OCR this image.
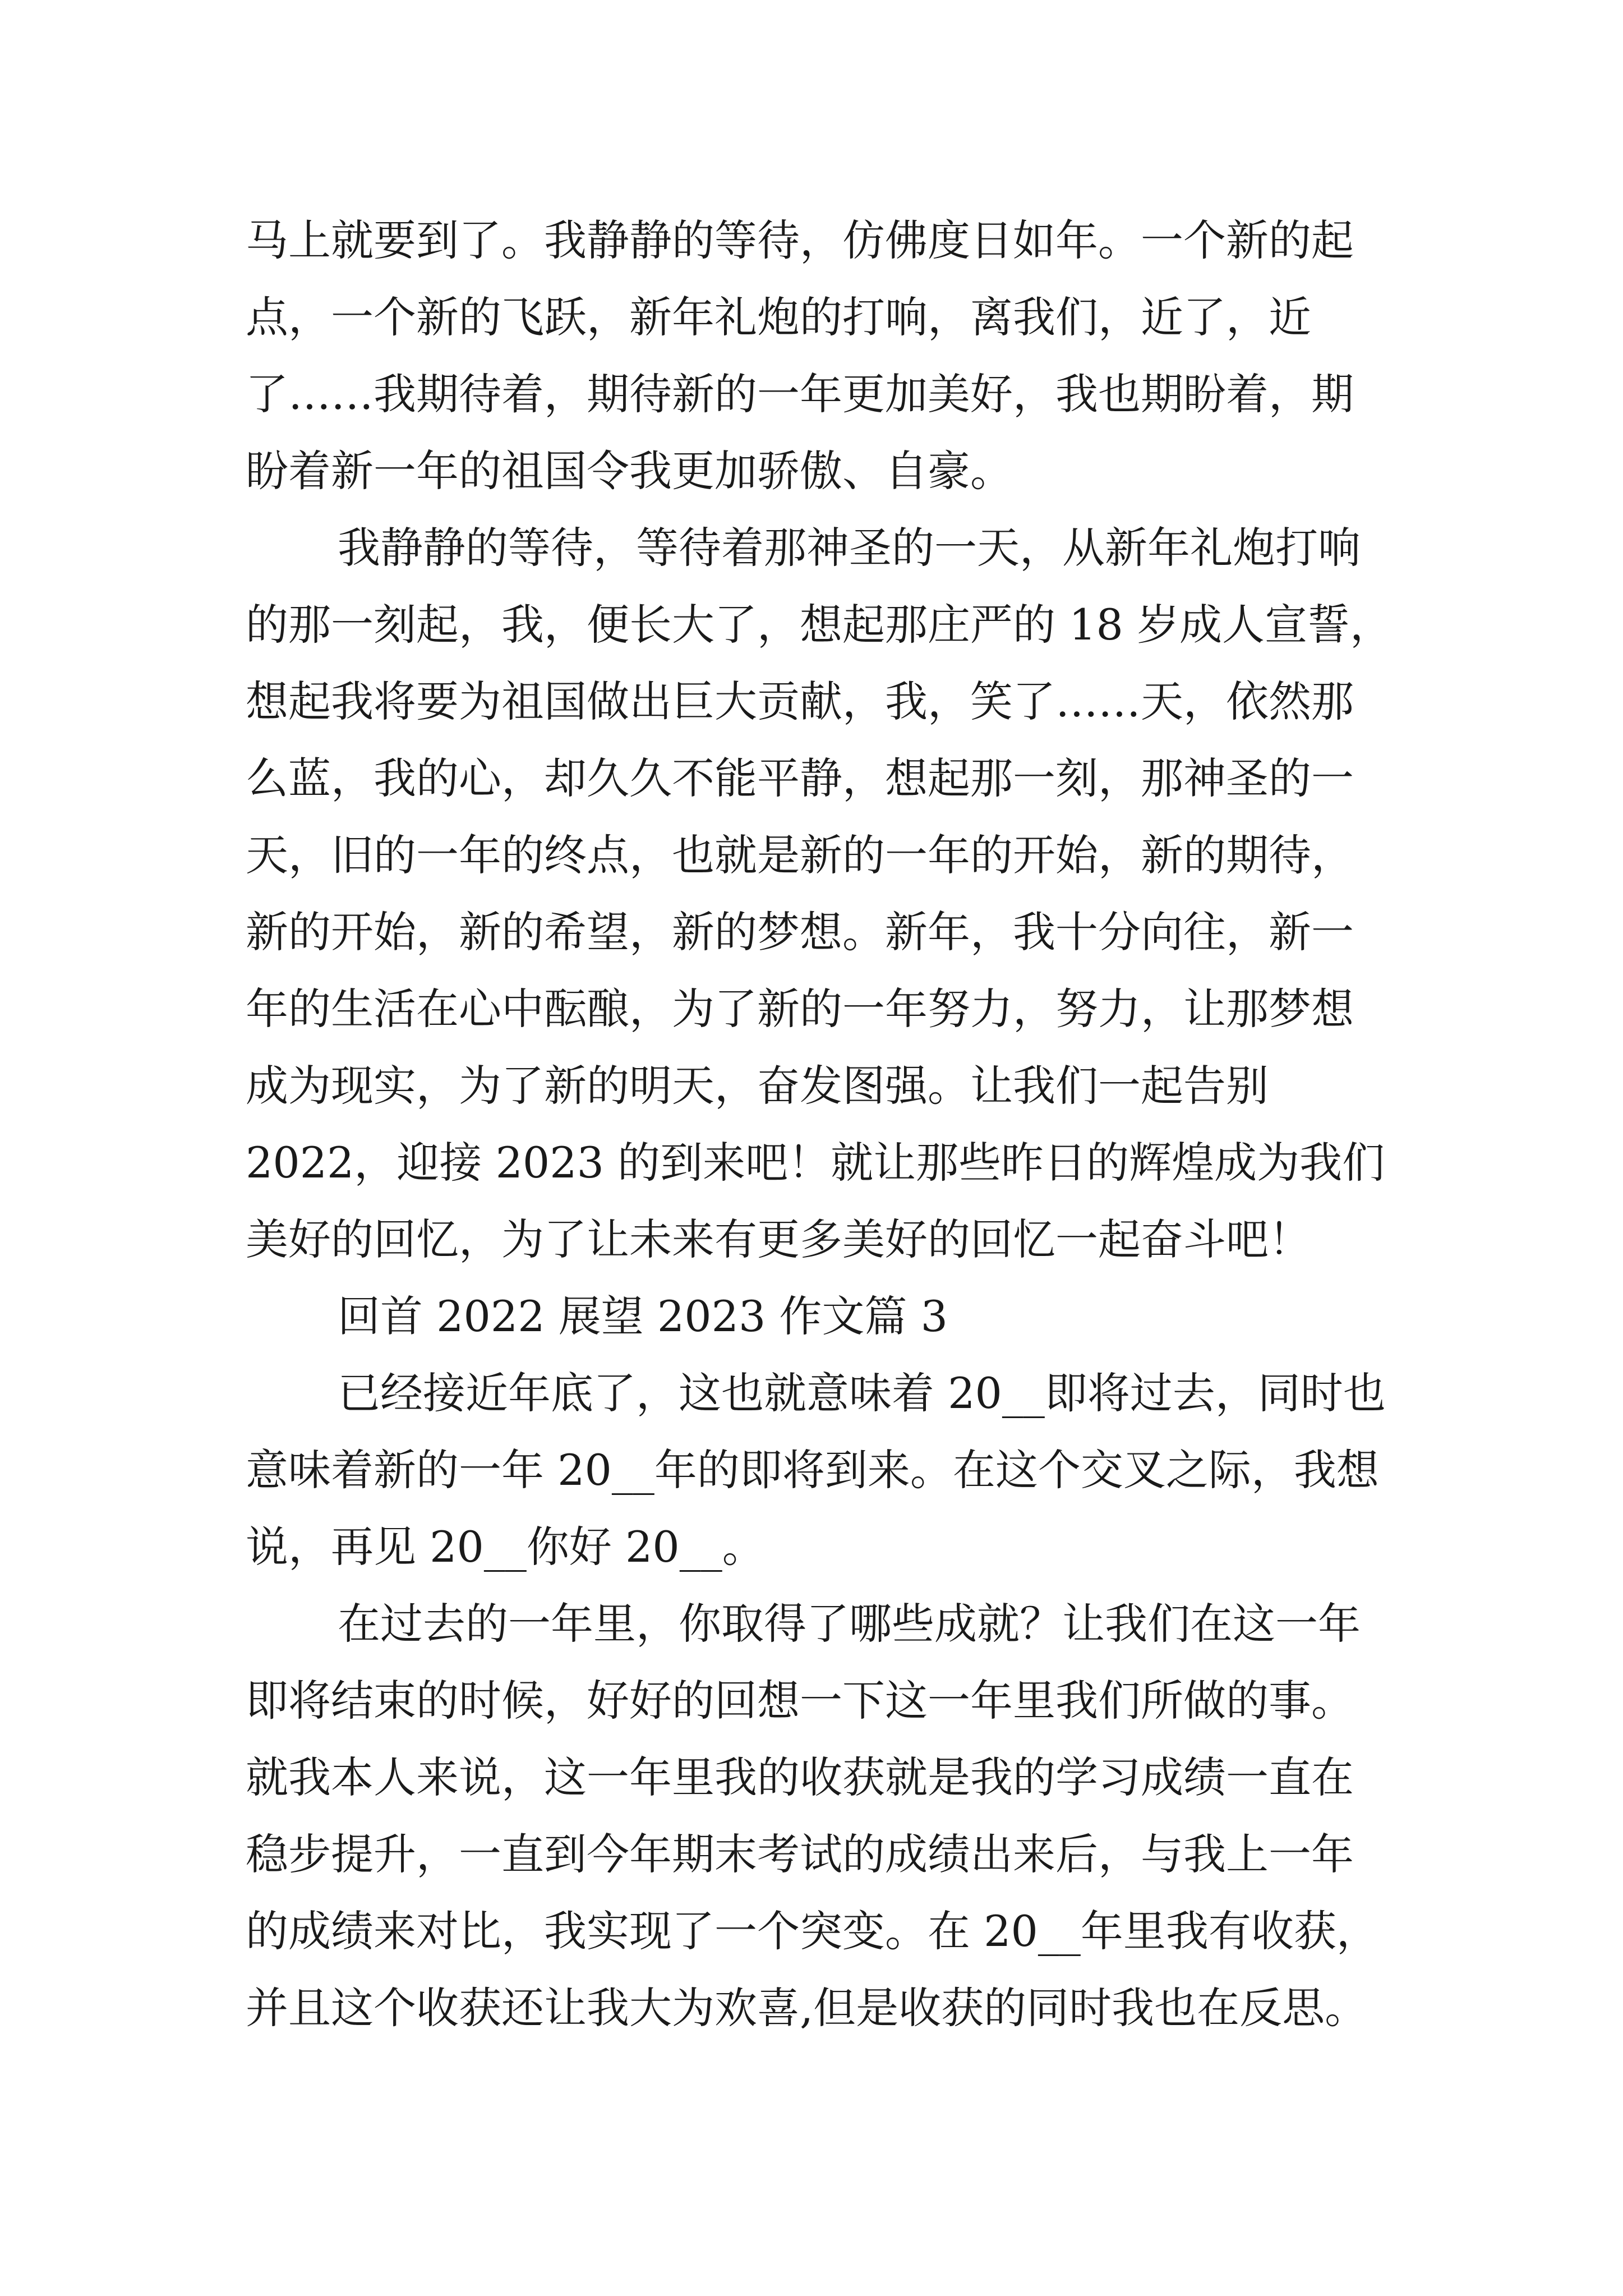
马上就要到了。我静静的等待，仿佛度日如年。一个新的起
点，一个新的飞跃，新年礼炮的打响，离我们，近了，近
了……我期待着，期待新的一年更加美好，我也期盼着，期
盼着新一年的祖国令我更加骄傲、自豪。
我静静的等待，等待着那神圣的一天，从新年礼炮打响
的那一刻起，我，便长大了，想起那庄严的 18 岁成人宣誓，
想起我将要为祖国做出巨大贡献，我，笑了……天，依然那
么蓝，我的心，却久久不能平静，想起那一刻，那神圣的一
天，旧的一年的终点，也就是新的一年的开始，新的期待，
新的开始，新的希望，新的梦想。新年，我十分向往，新一
年的生活在心中酝酿，为了新的一年努力，努力，让那梦想
成为现实，为了新的明天，奋发图强。让我们一起告别
2022，迎接 2023 的到来吧！就让那些昨日的辉煌成为我们
美好的回忆，为了让未来有更多美好的回忆一起奋斗吧！
回首 2022 展望 2023 作文篇 3
已经接近年底了，这也就意味着 20__即将过去，同时也
意味着新的一年 20__年的即将到来。在这个交叉之际，我想
说，再见 20__你好 20__。
在过去的一年里，你取得了哪些成就？让我们在这一年
即将结束的时候，好好的回想一下这一年里我们所做的事。
就我本人来说，这一年里我的收获就是我的学习成绩一直在
稳步提升，一直到今年期末考试的成绩出来后，与我上一年
的成绩来对比，我实现了一个突变。在 20__年里我有收获，
并且这个收获还让我大为欢喜,但是收获的同时我也在反思。
